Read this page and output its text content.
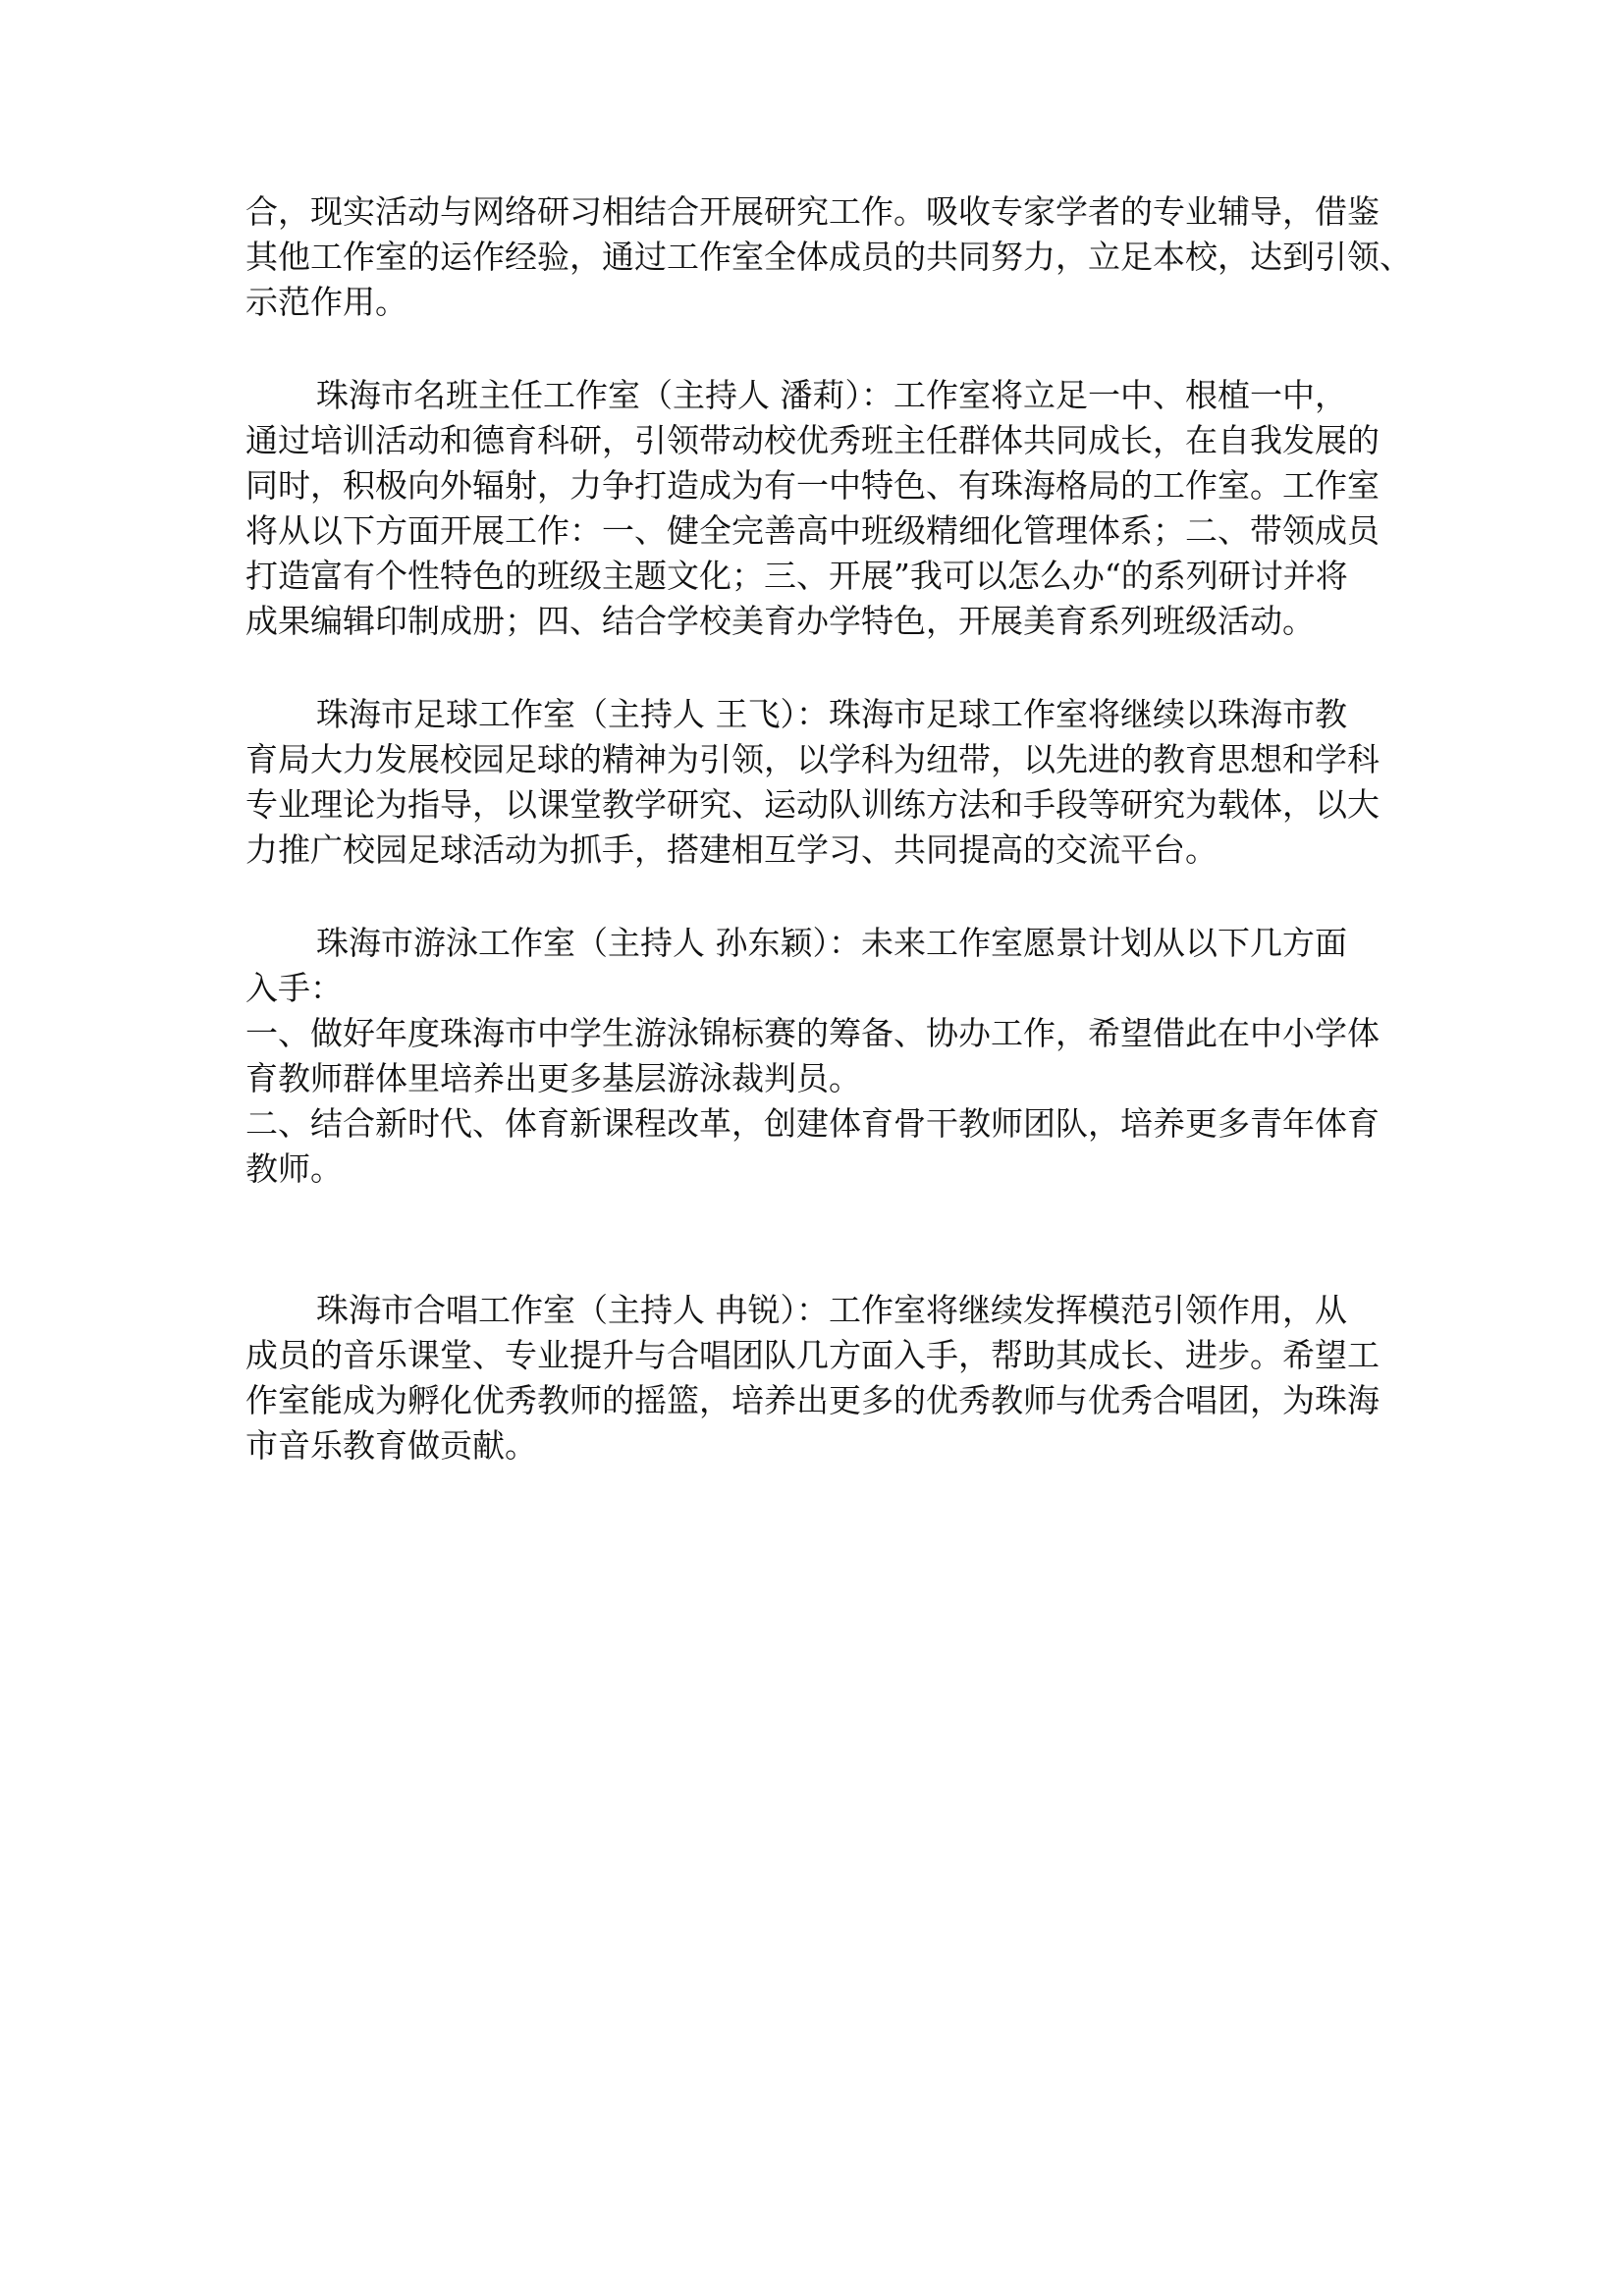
合，现实活动与网络研习相结合开展研究工作。吸收专家学者的专业辅导，借鉴
其他工作室的运作经验，通过工作室全体成员的共同努力，立足本校，达到引领、
示范作用。
珠海市名班主任工作室（主持人 潘莉）：工作室将立足一中、根植一中，
通过培训活动和德育科研，引领带动校优秀班主任群体共同成长，在自我发展的
同时，积极向外辐射，力争打造成为有一中特色、有珠海格局的工作室。工作室
将从以下方面开展工作：一、健全完善高中班级精细化管理体系；二、带领成员
打造富有个性特色的班级主题文化；三、开展”我可以怎么办“的系列研讨并将
成果编辑印制成册；四、结合学校美育办学特色，开展美育系列班级活动。
珠海市足球工作室（主持人 王飞）：珠海市足球工作室将继续以珠海市教
育局大力发展校园足球的精神为引领，以学科为纽带，以先进的教育思想和学科
专业理论为指导，以课堂教学研究、运动队训练方法和手段等研究为载体，以大
力推广校园足球活动为抓手，搭建相互学习、共同提高的交流平台。
珠海市游泳工作室（主持人 孙东颖）：未来工作室愿景计划从以下几方面
入手：
一、做好年度珠海市中学生游泳锦标赛的筹备、协办工作，希望借此在中小学体
育教师群体里培养出更多基层游泳裁判员。
二、结合新时代、体育新课程改革，创建体育骨干教师团队，培养更多青年体育
教师。
珠海市合唱工作室（主持人 冉锐）：工作室将继续发挥模范引领作用，从
成员的音乐课堂、专业提升与合唱团队几方面入手，帮助其成长、进步。希望工
作室能成为孵化优秀教师的摇篮，培养出更多的优秀教师与优秀合唱团，为珠海
市音乐教育做贡献。
